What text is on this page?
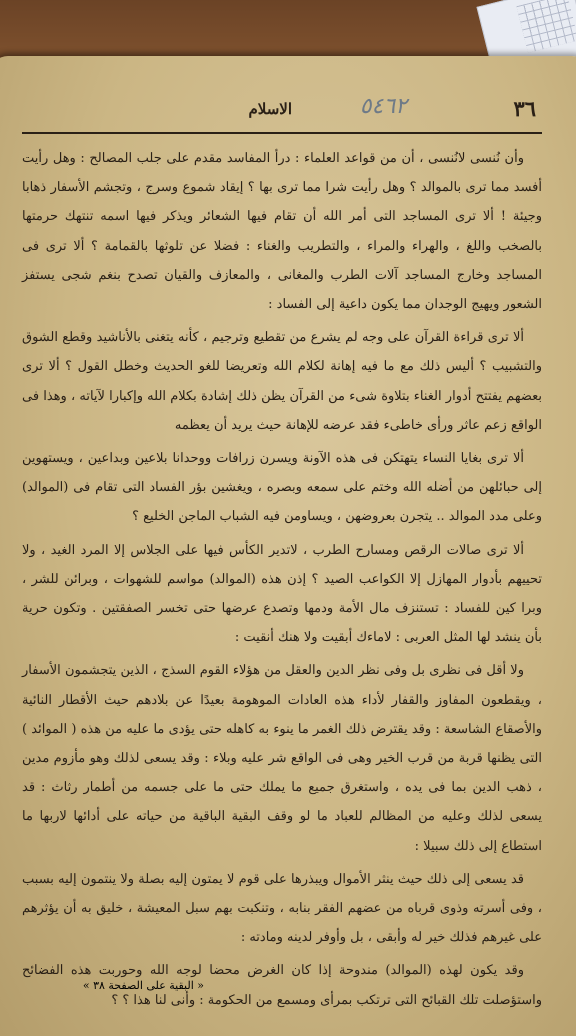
٣٦
الاسلام	٥٤٦٢

وأن نُنسى لانُنسى ، أن من قواعد العلماء : درأ المفاسد مقدم على جلب المصالح : وهل رأيت أفسد مما ترى بالموالد ؟ وهل رأيت شرا مما ترى بها ؟ إيقاد شموع وسرج ، وتجشم الأسفار ذهابا وجيئة ! ألا ترى المساجد التى أمر الله أن تقام فيها الشعائر ويذكر فيها اسمه تنتهك حرمتها بالصخب واللغ ، والهراء والمراء ، والتطريب والغناء : فضلا عن تلوثها بالقمامة ؟ ألا ترى فى المساجد وخارج المساجد آلات الطرب والمغانى ، والمعازف والقيان تصدح بنغم شجى يستفز الشعور ويهيج الوجدان مما يكون داعية إلى الفساد :

ألا ترى قراءة القرآن على وجه لم يشرع من تقطيع وترجيم ، كأنه يتغنى بالأناشيد وقطع الشوق والتشبيب ؟ أليس ذلك مع ما فيه إهانة لكلام الله وتعريضا للغو الحديث وخطل القول ؟ ألا ترى بعضهم يفتتح أدوار الغناء بتلاوة شىء من القرآن يظن ذلك إشادة بكلام الله وإكبارا لآياته ، وهذا فى الواقع زعم عاثر ورأى خاطىء فقد عرضه للإهانة حيث يريد أن يعظمه

ألا ترى بغايا النساء يتهتكن فى هذه الآونة ويسرن زرافات ووحدانا بلاعين وبداعين ، ويستهوين إلى حبائلهن من أضله الله وختم على سمعه وبصره ، ويغشين بؤر الفساد التى تقام فى (الموالد) وعلى مدد الموالد .. يتجرن بعروضهن ، ويساومن فيه الشباب الماجن الخليع ؟

ألا ترى صالات الرقص ومسارح الطرب ، لاتدير الكأس فيها على الجلاس إلا المرد الغيد ، ولا تحييهم بأدوار المهازل إلا الكواعب الصيد ؟ إذن هذه (الموالد) مواسم للشهوات ، وبرائن للشر ، وبرا كين للفساد : تستنزف مال الأمة ودمها وتصدع عرضها حتى تخسر الصفقتين . وتكون حرية بأن ينشد لها المثل العربى : لاماءك أبقيت ولا هنك أنقيت :

ولا أقل فى نظرى بل وفى نظر الدين والعقل من هؤلاء القوم السذج ، الذين يتجشمون الأسفار ، ويقطعون المفاوز والقفار لأداء هذه العادات الموهومة بعيدًا عن بلادهم حيث الأقطار النائية والأصقاع الشاسعة : وقد يقترض ذلك الغمر ما ينوء به كاهله حتى يؤدى ما عليه من هذه ( الموائد ) التى يظنها قربة من قرب الخير وهى فى الواقع شر عليه وبلاء : وقد يسعى لذلك وهو مأزوم مدين ، ذهب الدين بما فى يده ، واستغرق جميع ما يملك حتى ما على جسمه من أطمار رثاث : قد يسعى لذلك وعليه من المظالم للعباد ما لو وقف البقية الباقية من حياته على أدائها لاربها ما استطاع إلى ذلك سبيلا :

قد يسعى إلى ذلك حيث ينثر الأموال ويبذرها على قوم لا يمتون إليه بصلة ولا ينتمون إليه بسبب ، وفى أسرته وذوى قرباه من عضهم الفقر بنابه ، وتنكبت بهم سبل المعيشة ، خليق به أن يؤثرهم على غيرهم فذلك خير له وأبقى ، بل وأوفر لدينه ومادته :

وقد يكون لهذه (الموالد) مندوحة إذا كان الغرض محضا لوجه الله وحوربت هذه الفضائح واستؤصلت تلك القبائح التى ترتكب بمرأى ومسمع من الحكومة : وأنى لنا هذا ؟ ؟

« البقية على الصفحة ٣٨ »
